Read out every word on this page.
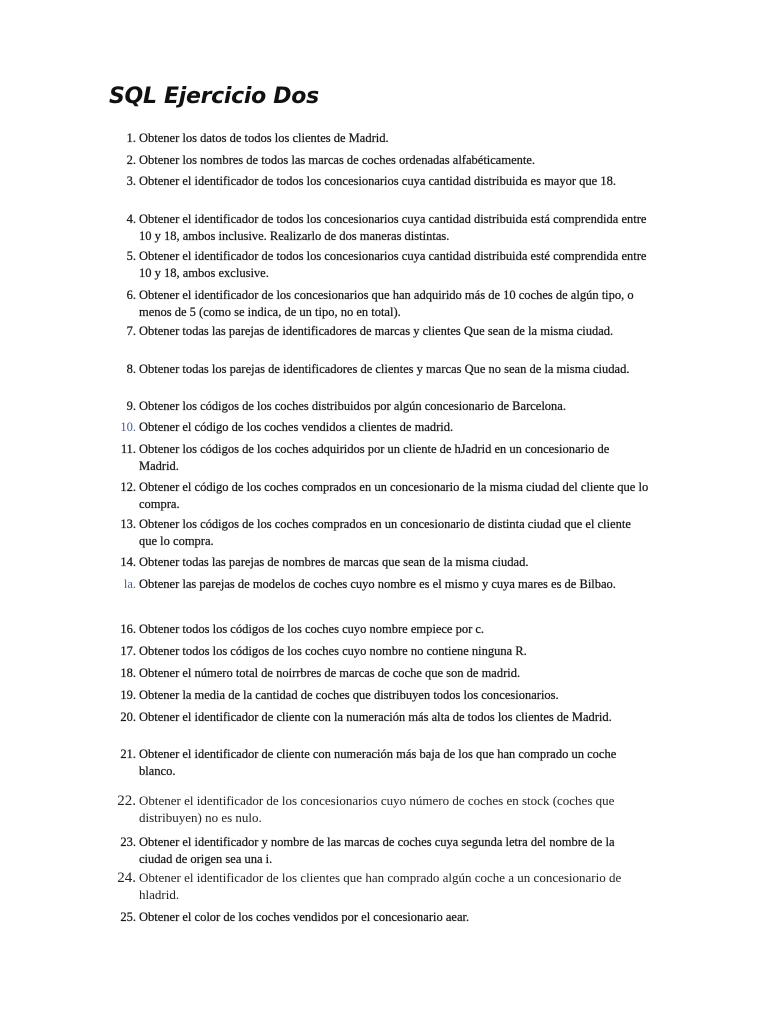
SQL Ejercicio Dos
1. Obtener los datos de todos los clientes de Madrid.
2. Obtener los nombres de todos las marcas de coches ordenadas alfabéticamente.
3. Obtener el identificador de todos los concesionarios cuya cantidad distribuida es mayor que 18.
4. Obtener el identificador de todos los concesionarios cuya cantidad distribuida está comprendida entre 10 y 18, ambos inclusive. Realizarlo de dos maneras distintas.
5. Obtener el identificador de todos los concesionarios cuya cantidad distribuida esté comprendida entre 10 y 18, ambos exclusive.
6. Obtener el identificador de los concesionarios que han adquirido más de 10 coches de algún tipo, o menos de 5 (como se indica, de un tipo, no en total).
7. Obtener todas las parejas de identificadores de marcas y clientes Que sean de la misma ciudad.
8. Obtener todas los parejas de identificadores de clientes y marcas Que no sean de la misma ciudad.
9. Obtener los códigos de los coches distribuidos por algún concesionario de Barcelona.
10. Obtener el código de los coches vendidos a clientes de madrid.
11. Obtener los códigos de los coches adquiridos por un cliente de hJadrid en un concesionario de Madrid.
12. Obtener el código de los coches comprados en un concesionario de la misma ciudad del cliente que lo compra.
13. Obtener los códigos de los coches comprados en un concesionario de distinta ciudad que el cliente que lo compra.
14. Obtener todas las parejas de nombres de marcas que sean de la misma ciudad.
la. Obtener las parejas de modelos de coches cuyo nombre es el mismo y cuya mares es de Bilbao.
16. Obtener todos los códigos de los coches cuyo nombre empiece por c.
17. Obtener todos los códigos de los coches cuyo nombre no contiene ninguna R.
18. Obtener el número total de noirrbres de marcas de coche que son de madrid.
19. Obtener la media de la cantidad de coches que distribuyen todos los concesionarios.
20. Obtener el identificador de cliente con la numeración más alta de todos los clientes de Madrid.
21. Obtener el identificador de cliente con numeración más baja de los que han comprado un coche blanco.
22. Obtener el identificador de los concesionarios cuyo número de coches en stock (coches que distribuyen) no es nulo.
23. Obtener el identificador y nombre de las marcas de coches cuya segunda letra del nombre de la ciudad de origen sea una i.
24. Obtener el identificador de los clientes que han comprado algún coche a un concesionario de hladrid.
25. Obtener el color de los coches vendidos por el concesionario aear.
